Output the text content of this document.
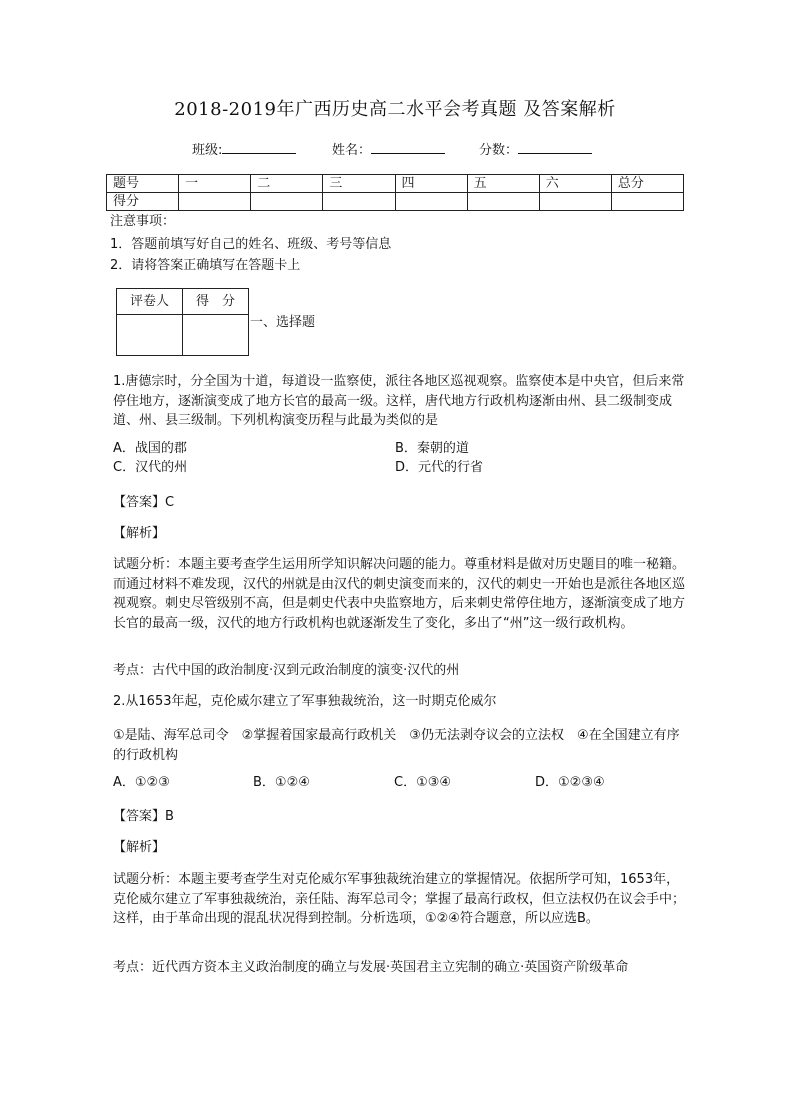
2018-2019年广西历史高二水平会考真题 及答案解析
班级:	姓名：	分数：
题号	一	二	三	四	五	六	总分
得分							
注意事项：
1．答题前填写好自己的姓名、班级、考号等信息
2．请将答案正确填写在答题卡上
评卷人	得　分

一、选择题
1.唐德宗时，分全国为十道，每道设一监察使，派往各地区巡视观察。监察使本是中央官，但后来常停住地方，逐渐演变成了地方长官的最高一级。这样，唐代地方行政机构逐渐由州、县二级制变成道、州、县三级制。下列机构演变历程与此最为类似的是
A．战国的郡	B．秦朝的道
C．汉代的州	D．元代的行省
【答案】C
【解析】
试题分析：本题主要考查学生运用所学知识解决问题的能力。尊重材料是做对历史题目的唯一秘籍。而通过材料不难发现，汉代的州就是由汉代的刺史演变而来的，汉代的刺史一开始也是派往各地区巡视观察。刺史尽管级别不高，但是刺史代表中央监察地方，后来刺史常停住地方，逐渐演变成了地方长官的最高一级，汉代的地方行政机构也就逐渐发生了变化，多出了“州”这一级行政机构。
考点：古代中国的政治制度·汉到元政治制度的演变·汉代的州
2.从1653年起，克伦威尔建立了军事独裁统治，这一时期克伦威尔
①是陆、海军总司令　②掌握着国家最高行政机关　③仍无法剥夺议会的立法权　④在全国建立有序的行政机构
A．①②③	B．①②④	C．①③④	D．①②③④
【答案】B
【解析】
试题分析：本题主要考查学生对克伦威尔军事独裁统治建立的掌握情况。依据所学可知，1653年，克伦威尔建立了军事独裁统治，亲任陆、海军总司令；掌握了最高行政权，但立法权仍在议会手中；这样，由于革命出现的混乱状况得到控制。分析选项，①②④符合题意，所以应选B。
考点：近代西方资本主义政治制度的确立与发展·英国君主立宪制的确立·英国资产阶级革命
